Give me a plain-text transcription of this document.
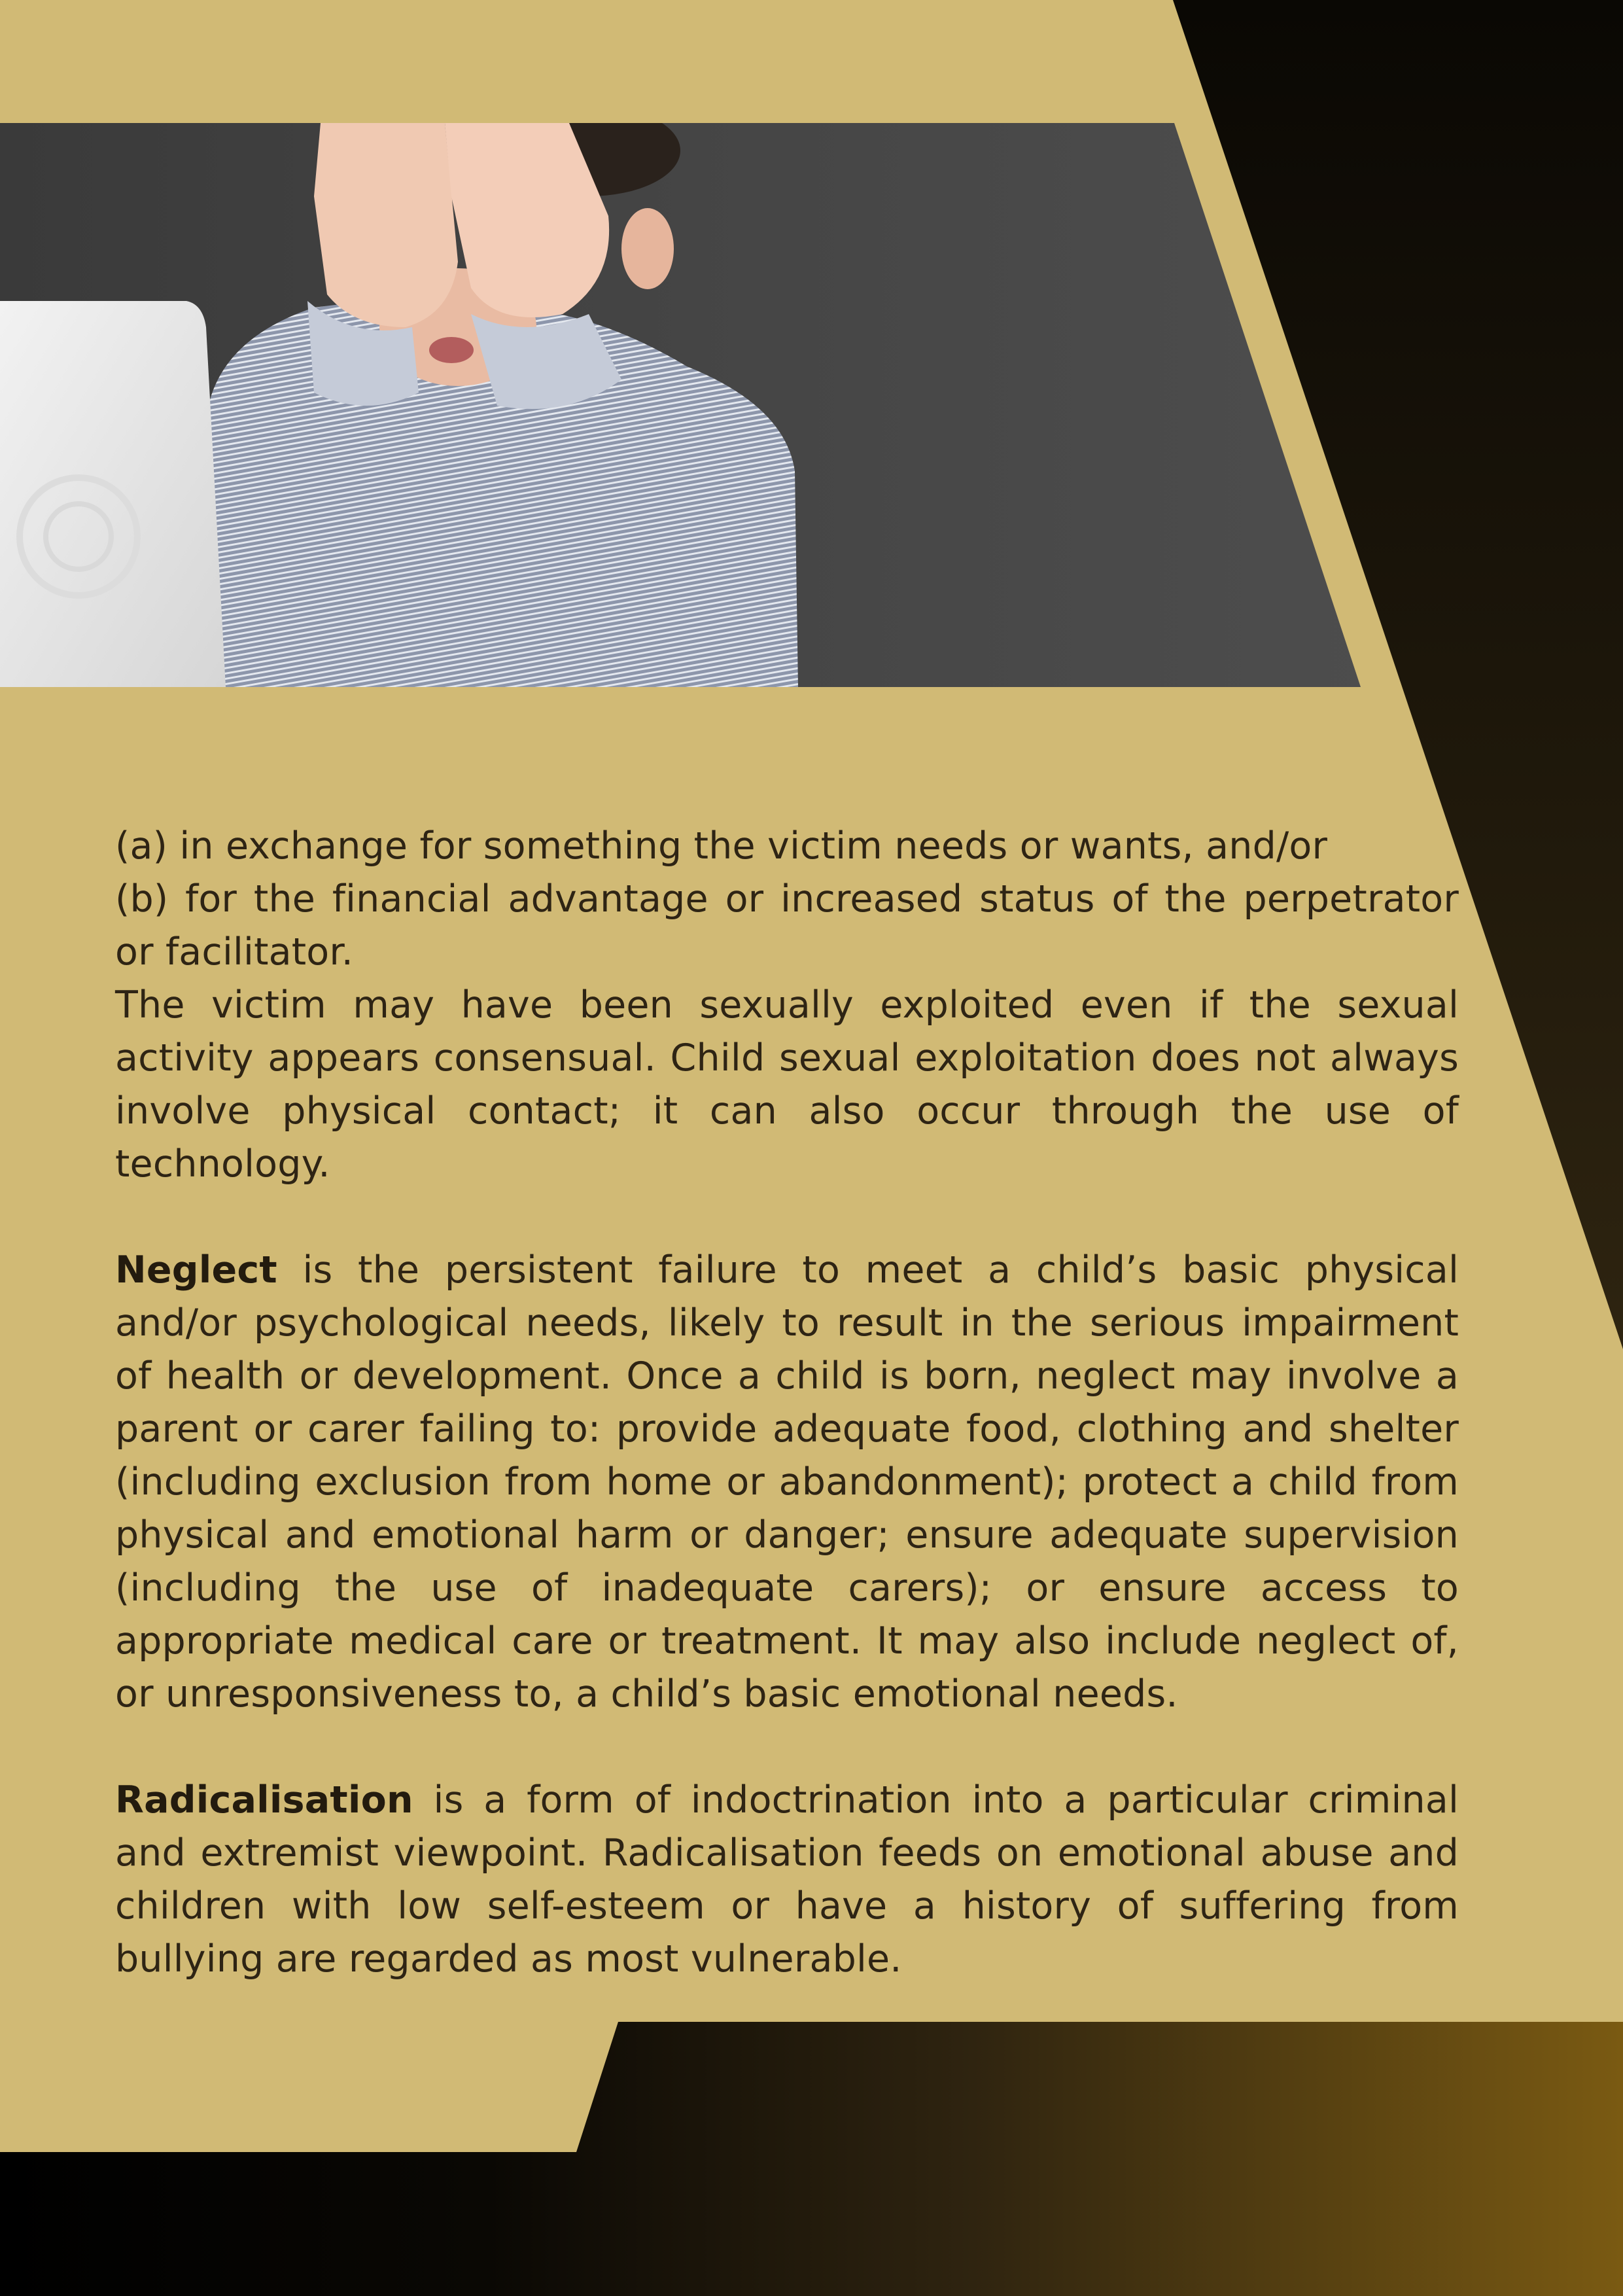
(a) in exchange for something the victim needs or wants, and/or

(b) for the financial advantage or increased status of the perpetrator or facilitator.

The victim may have been sexually exploited even if the sexual activity appears consensual. Child sexual exploitation does not always involve physical contact; it can also occur through the use of technology.

Neglect is the persistent failure to meet a child’s basic physical and/or psychological needs, likely to result in the serious impairment of health or development. Once a child is born, neglect may involve a parent or carer failing to: provide adequate food, clothing and shelter (including exclusion from home or abandonment); protect a child from physical and emotional harm or danger; ensure adequate supervision (including the use of inadequate carers); or ensure access to appropriate medical care or treatment. It may also include neglect of, or unresponsiveness to, a child’s basic emotional needs.

Radicalisation is a form of indoctrination into a particular criminal and extremist viewpoint. Radicalisation feeds on emotional abuse and children with low self-esteem or have a history of suffering from bullying are regarded as most vulnerable.
